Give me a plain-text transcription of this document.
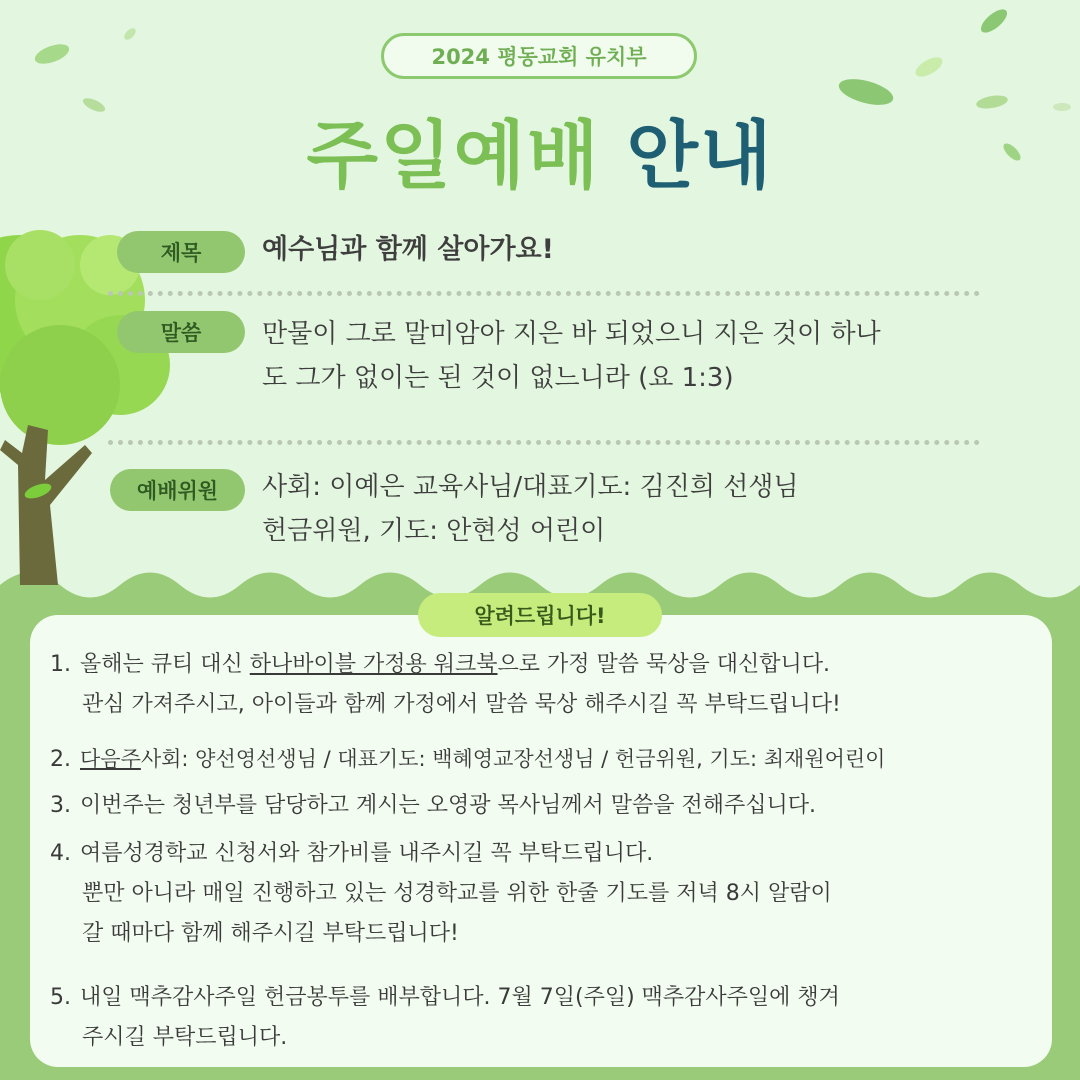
2024 평동교회 유치부
주일예배 안내
제목	예수님과 함께 살아가요!
말씀	만물이 그로 말미암아 지은 바 되었으니 지은 것이 하나
도 그가 없이는 된 것이 없느니라 (요 1:3)
예배위원	사회: 이예은 교육사님/대표기도: 김진희 선생님
헌금위원, 기도: 안현성 어린이
알려드립니다!
1. 올해는 큐티 대신 하나바이블 가정용 워크북으로 가정 말씀 묵상을 대신합니다.
관심 가져주시고, 아이들과 함께 가정에서 말씀 묵상 해주시길 꼭 부탁드립니다!
2. 다음주사회: 양선영선생님 / 대표기도: 백혜영교장선생님 / 헌금위원, 기도: 최재원어린이
3. 이번주는 청년부를 담당하고 계시는 오영광 목사님께서 말씀을 전해주십니다.
4. 여름성경학교 신청서와 참가비를 내주시길 꼭 부탁드립니다.
뿐만 아니라 매일 진행하고 있는 성경학교를 위한 한줄 기도를 저녁 8시 알람이
갈 때마다 함께 해주시길 부탁드립니다!
5. 내일 맥추감사주일 헌금봉투를 배부합니다. 7월 7일(주일) 맥추감사주일에 챙겨
주시길 부탁드립니다.
